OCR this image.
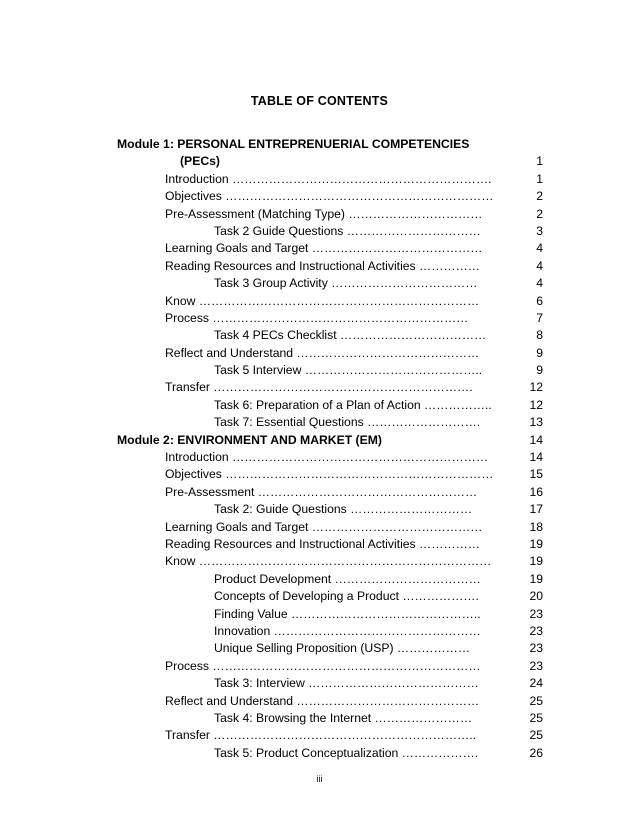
TABLE OF CONTENTS
Module 1: PERSONAL ENTREPRENUERIAL COMPETENCIES
(PECs)	1
Introduction ……………………………………………………….	1
Objectives …………………………………………………………	2
Pre-Assessment (Matching Type) ……………………………	2
Task 2 Guide Questions ……………………………	3
Learning Goals and Target ……………………………………	4
Reading Resources and Instructional Activities ……………	4
Task 3 Group Activity ………………………………	4
Know ……………………………………………………………	6
Process ………………………………………………………	7
Task 4 PECs Checklist ………………………………	8
Reflect and Understand ………………………………………	9
Task 5 Interview ……………………………………..	9
Transfer ……………………………………………………….	12
Task 6: Preparation of a Plan of Action ……………..	12
Task 7: Essential Questions ……………………….	13
Module 2: ENVIRONMENT AND MARKET (EM)	14
Introduction ………………………………………………………	14
Objectives …………………………………………………………	15
Pre-Assessment ………………………………………………	16
Task 2: Guide Questions …………………………	17
Learning Goals and Target ……………………………………	18
Reading Resources and Instructional Activities ……………	19
Know ………………………………………………………………	19
Product Development ………………………………	19
Concepts of Developing a Product ……………….	20
Finding Value ………………………………………..	23
Innovation ……………………………………………	23
Unique Selling Proposition (USP) ………………	23
Process …………………………………………………………	23
Task 3: Interview ……………………………………	24
Reflect and Understand ………………………………………	25
Task 4: Browsing the Internet ……………………	25
Transfer ………………………………………………………..	25
Task 5: Product Conceptualization ……………….	26
iii
